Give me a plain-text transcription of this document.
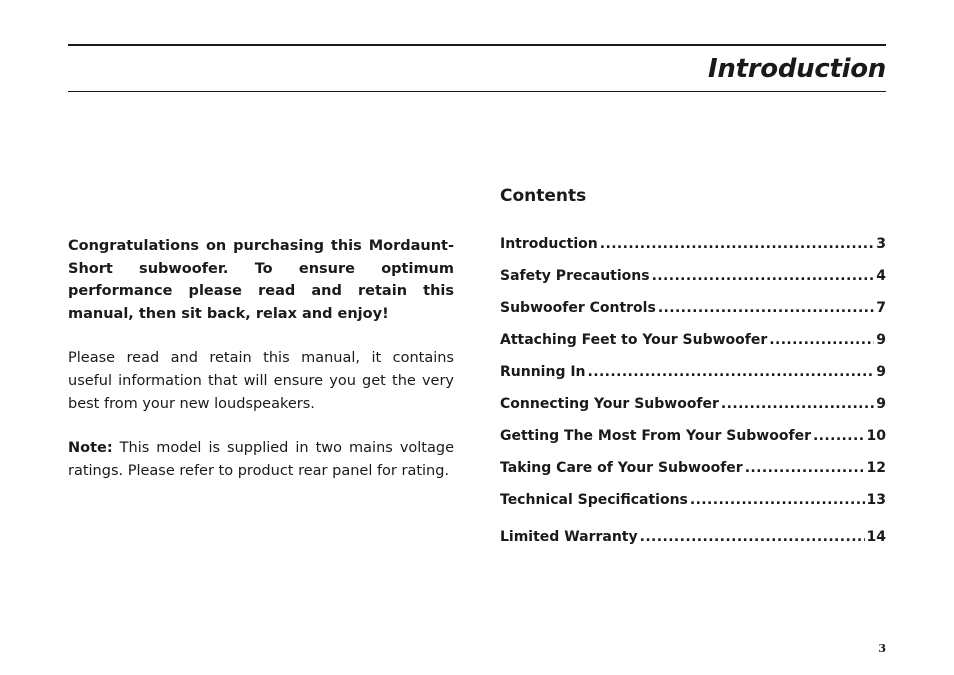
Introduction

Congratulations on purchasing this Mordaunt-Short subwoofer. To ensure optimum performance please read and retain this manual, then sit back, relax and enjoy!

Please read and retain this manual, it contains useful information that will ensure you get the very best from your new loudspeakers.

Note: This model is supplied in two mains voltage ratings. Please refer to product rear panel for rating.

Contents
Introduction .....	3
Safety Precautions .....	4
Subwoofer Controls .....	7
Attaching Feet to Your Subwoofer .....	9
Running In .....	9
Connecting Your Subwoofer .....	9
Getting The Most From Your Subwoofer .....	10
Taking Care of Your Subwoofer .....	12
Technical Specifications .....	13
Limited Warranty .....	14
3
